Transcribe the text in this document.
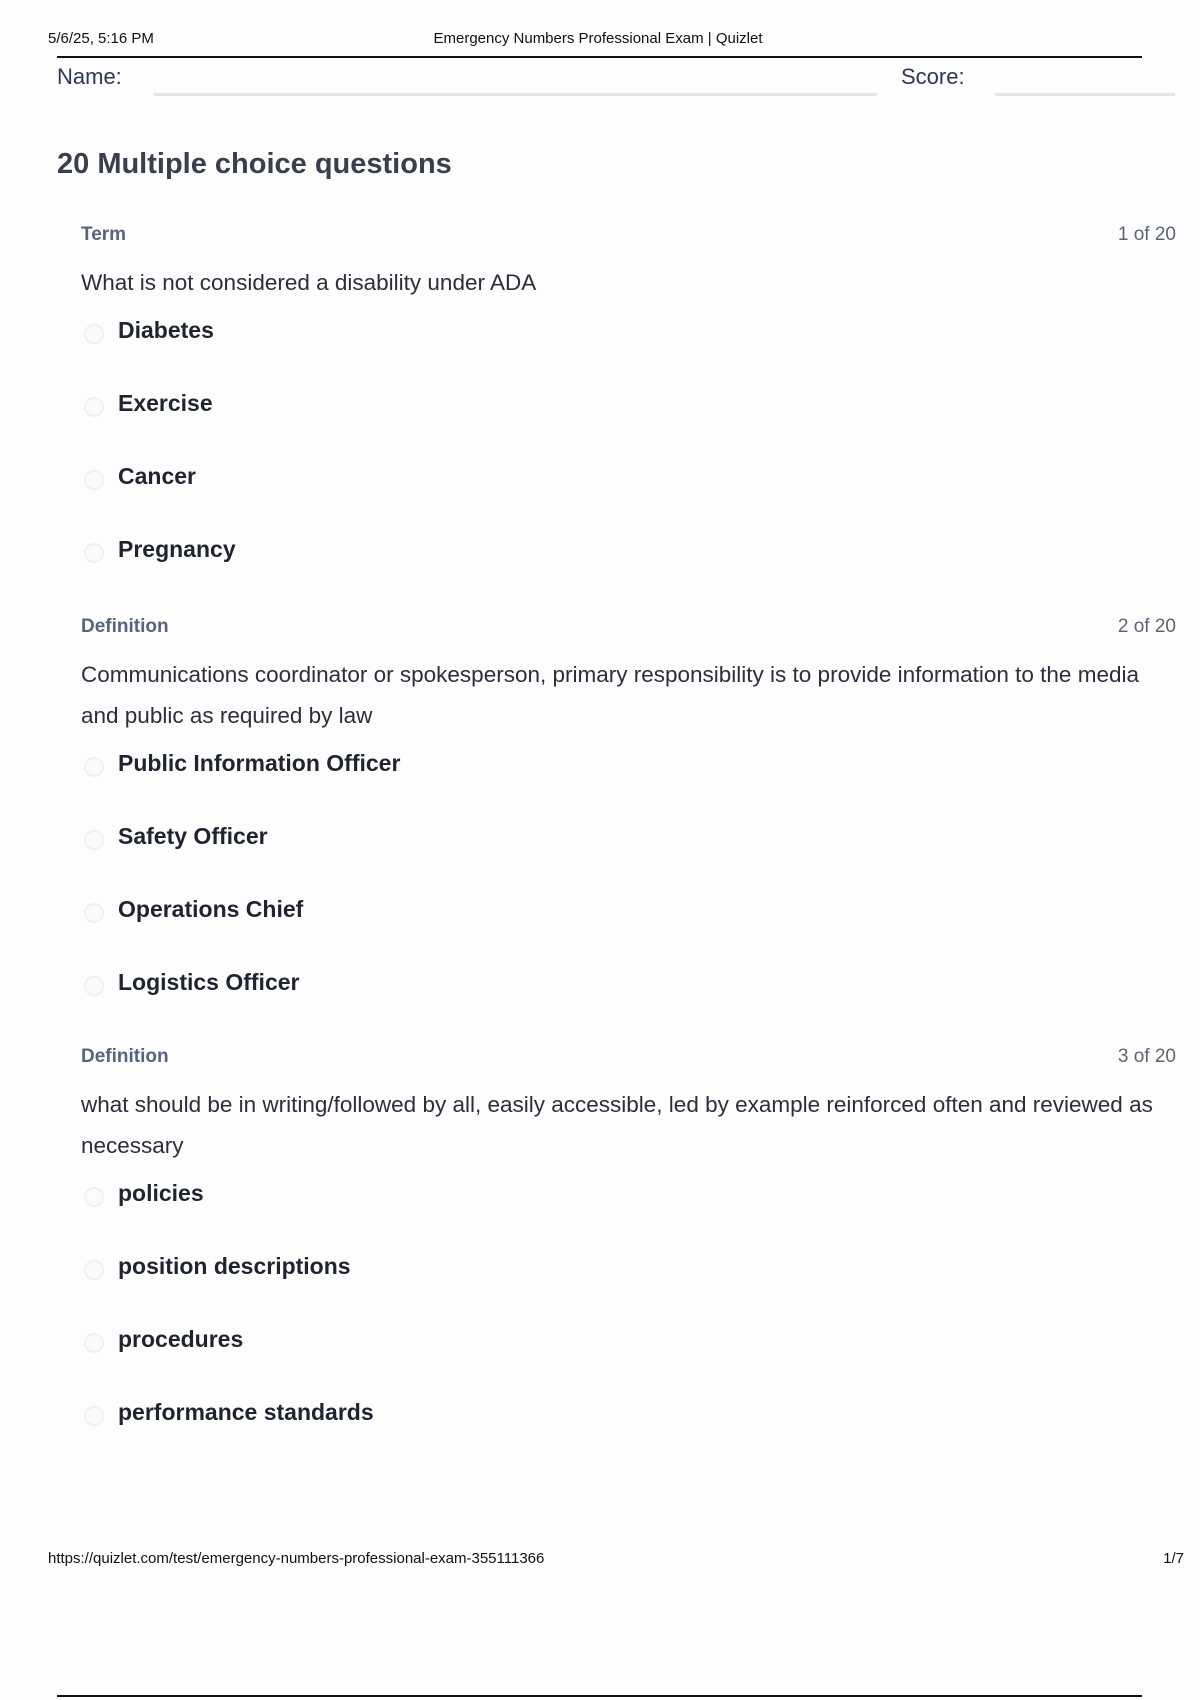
5/6/25, 5:16 PM	Emergency Numbers Professional Exam | Quizlet
Name:	Score:
20 Multiple choice questions
Term	1 of 20
What is not considered a disability under ADA
Diabetes
Exercise
Cancer
Pregnancy
Definition	2 of 20
Communications coordinator or spokesperson, primary responsibility is to provide information to the media and public as required by law
Public Information Officer
Safety Officer
Operations Chief
Logistics Officer
Definition	3 of 20
what should be in writing/followed by all, easily accessible, led by example reinforced often and reviewed as necessary
policies
position descriptions
procedures
performance standards
https://quizlet.com/test/emergency-numbers-professional-exam-355111366	1/7
